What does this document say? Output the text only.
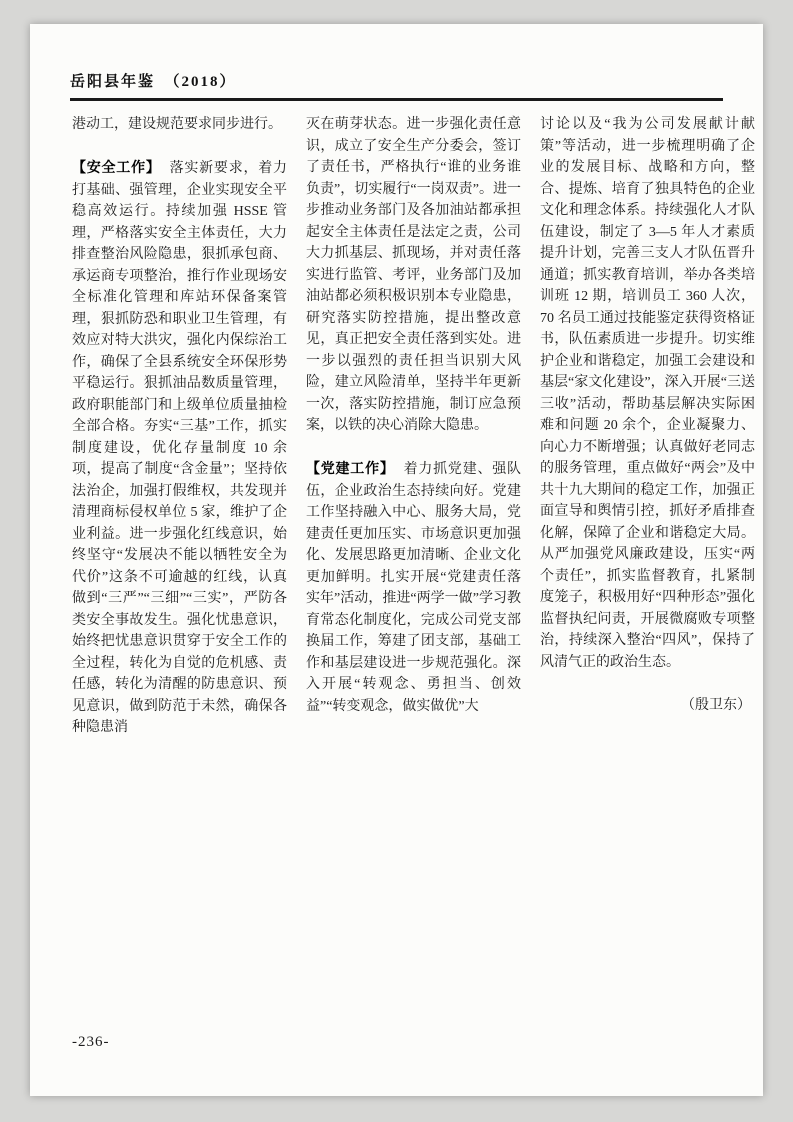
岳阳县年鉴　（2018）

港动工，建设规范要求同步进行。

【安全工作】 落实新要求，着力打基础、强管理，企业实现安全平稳高效运行。持续加强 HSSE 管理，严格落实安全主体责任，大力排查整治风险隐患，狠抓承包商、承运商专项整治，推行作业现场安全标准化管理和库站环保备案管理，狠抓防恐和职业卫生管理，有效应对特大洪灾，强化内保综治工作，确保了全县系统安全环保形势平稳运行。狠抓油品数质量管理，政府职能部门和上级单位质量抽检全部合格。夯实“三基”工作，抓实制度建设，优化存量制度 10 余项，提高了制度“含金量”；坚持依法治企，加强打假维权，共发现并清理商标侵权单位 5 家，维护了企业利益。进一步强化红线意识，始终坚守“发展决不能以牺牲安全为代价”这条不可逾越的红线，认真做到“三严”“三细”“三实”，严防各类安全事故发生。强化忧患意识，始终把忧患意识贯穿于安全工作的全过程，转化为自觉的危机感、责任感，转化为清醒的防患意识、预见意识，做到防范于未然，确保各种隐患消

灭在萌芽状态。进一步强化责任意识，成立了安全生产分委会，签订了责任书，严格执行“谁的业务谁负责”，切实履行“一岗双责”。进一步推动业务部门及各加油站都承担起安全主体责任是法定之责，公司大力抓基层、抓现场，并对责任落实进行监管、考评，业务部门及加油站都必须积极识别本专业隐患，研究落实防控措施，提出整改意见，真正把安全责任落到实处。进一步以强烈的责任担当识别大风险，建立风险清单，坚持半年更新一次，落实防控措施，制订应急预案，以铁的决心消除大隐患。

【党建工作】 着力抓党建、强队伍，企业政治生态持续向好。党建工作坚持融入中心、服务大局，党建责任更加压实、市场意识更加强化、发展思路更加清晰、企业文化更加鲜明。扎实开展“党建责任落实年”活动，推进“两学一做”学习教育常态化制度化，完成公司党支部换届工作，筹建了团支部，基础工作和基层建设进一步规范强化。深入开展“转观念、勇担当、创效益”“转变观念，做实做优”大

讨论以及“我为公司发展献计献策”等活动，进一步梳理明确了企业的发展目标、战略和方向，整合、提炼、培育了独具特色的企业文化和理念体系。持续强化人才队伍建设，制定了 3—5 年人才素质提升计划，完善三支人才队伍晋升通道；抓实教育培训，举办各类培训班 12 期，培训员工 360 人次，70 名员工通过技能鉴定获得资格证书，队伍素质进一步提升。切实维护企业和谐稳定，加强工会建设和基层“家文化建设”，深入开展“三送三收”活动，帮助基层解决实际困难和问题 20 余个，企业凝聚力、向心力不断增强；认真做好老同志的服务管理，重点做好“两会”及中共十九大期间的稳定工作，加强正面宣导和舆情引控，抓好矛盾排查化解，保障了企业和谐稳定大局。从严加强党风廉政建设，压实“两个责任”，抓实监督教育，扎紧制度笼子，积极用好“四种形态”强化监督执纪问责，开展微腐败专项整治，持续深入整治“四风”，保持了风清气正的政治生态。

（殷卫东）

-236-
